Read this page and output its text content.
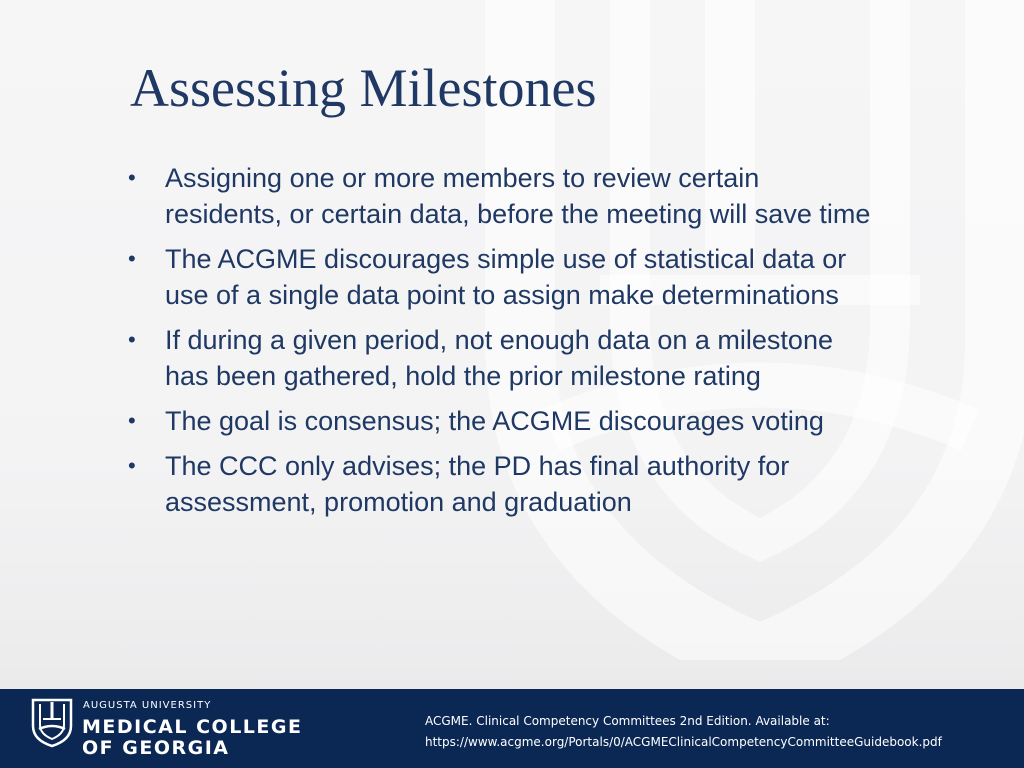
Assessing Milestones
•	Assigning one or more members to review certain
residents, or certain data, before the meeting will save time
•	The ACGME discourages simple use of statistical data or
use of a single data point to assign make determinations
•	If during a given period, not enough data on a milestone
has been gathered, hold the prior milestone rating
•	The goal is consensus; the ACGME discourages voting
•	The CCC only advises; the PD has final authority for
assessment, promotion and graduation
AUGUSTA UNIVERSITY
MEDICAL COLLEGE
OF GEORGIA
ACGME. Clinical Competency Committees 2nd Edition. Available at:
https://www.acgme.org/Portals/0/ACGMEClinicalCompetencyCommitteeGuidebook.pdf
